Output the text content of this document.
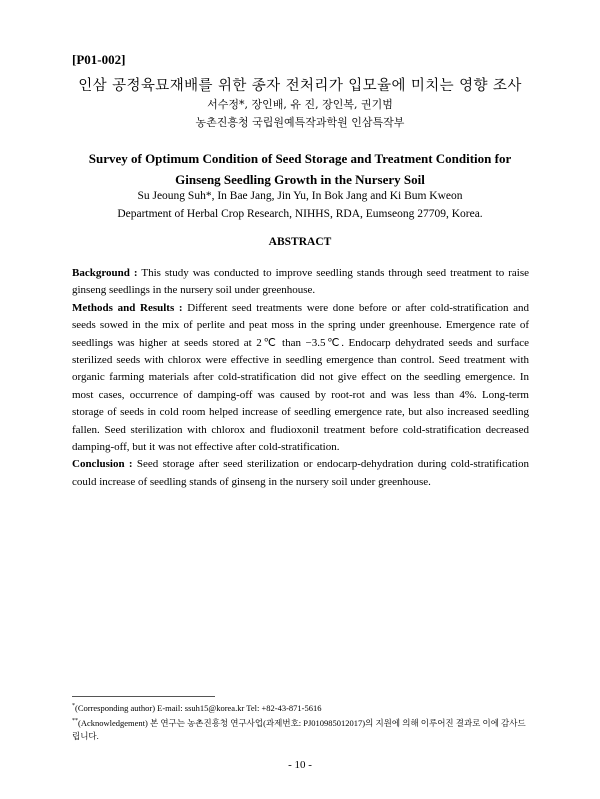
[P01-002]
인삼 공정육묘재배를 위한 종자 전처리가 입모율에 미치는 영향 조사
서수정*, 장인배, 유 진, 장인복, 권기범
농촌진흥청 국립원예특작과학원 인삼특작부
Survey of Optimum Condition of Seed Storage and Treatment Condition for
Ginseng Seedling Growth in the Nursery Soil
Su Jeoung Suh*, In Bae Jang, Jin Yu, In Bok Jang and Ki Bum Kweon
Department of Herbal Crop Research, NIHHS, RDA, Eumseong 27709, Korea.
ABSTRACT

Background : This study was conducted to improve seedling stands through seed treatment to raise ginseng seedlings in the nursery soil under greenhouse.

Methods and Results : Different seed treatments were done before or after cold-stratification and seeds sowed in the mix of perlite and peat moss in the spring under greenhouse. Emergence rate of seedlings was higher at seeds stored at 2℃ than −3.5℃. Endocarp dehydrated seeds and surface sterilized seeds with chlorox were effective in seedling emergence than control. Seed treatment with organic farming materials after cold-stratification did not give effect on the seedling emergence. In most cases, occurrence of damping-off was caused by root-rot and was less than 4%. Long-term storage of seeds in cold room helped increase of seedling emergence rate, but also increased seedling fallen. Seed sterilization with chlorox and fludioxonil treatment before cold-stratification decreased damping-off, but it was not effective after cold-stratification.

Conclusion : Seed storage after seed sterilization or endocarp-dehydration during cold-stratification could increase of seedling stands of ginseng in the nursery soil under greenhouse.

*(Corresponding author) E-mail: ssuh15@korea.kr Tel: +82-43-871-5616

**(Acknowledgement) 본 연구는 농촌진흥청 연구사업(과제번호: PJ010985012017)의 지원에 의해 이루어진 결과로 이에 감사드립니다.

- 10 -
